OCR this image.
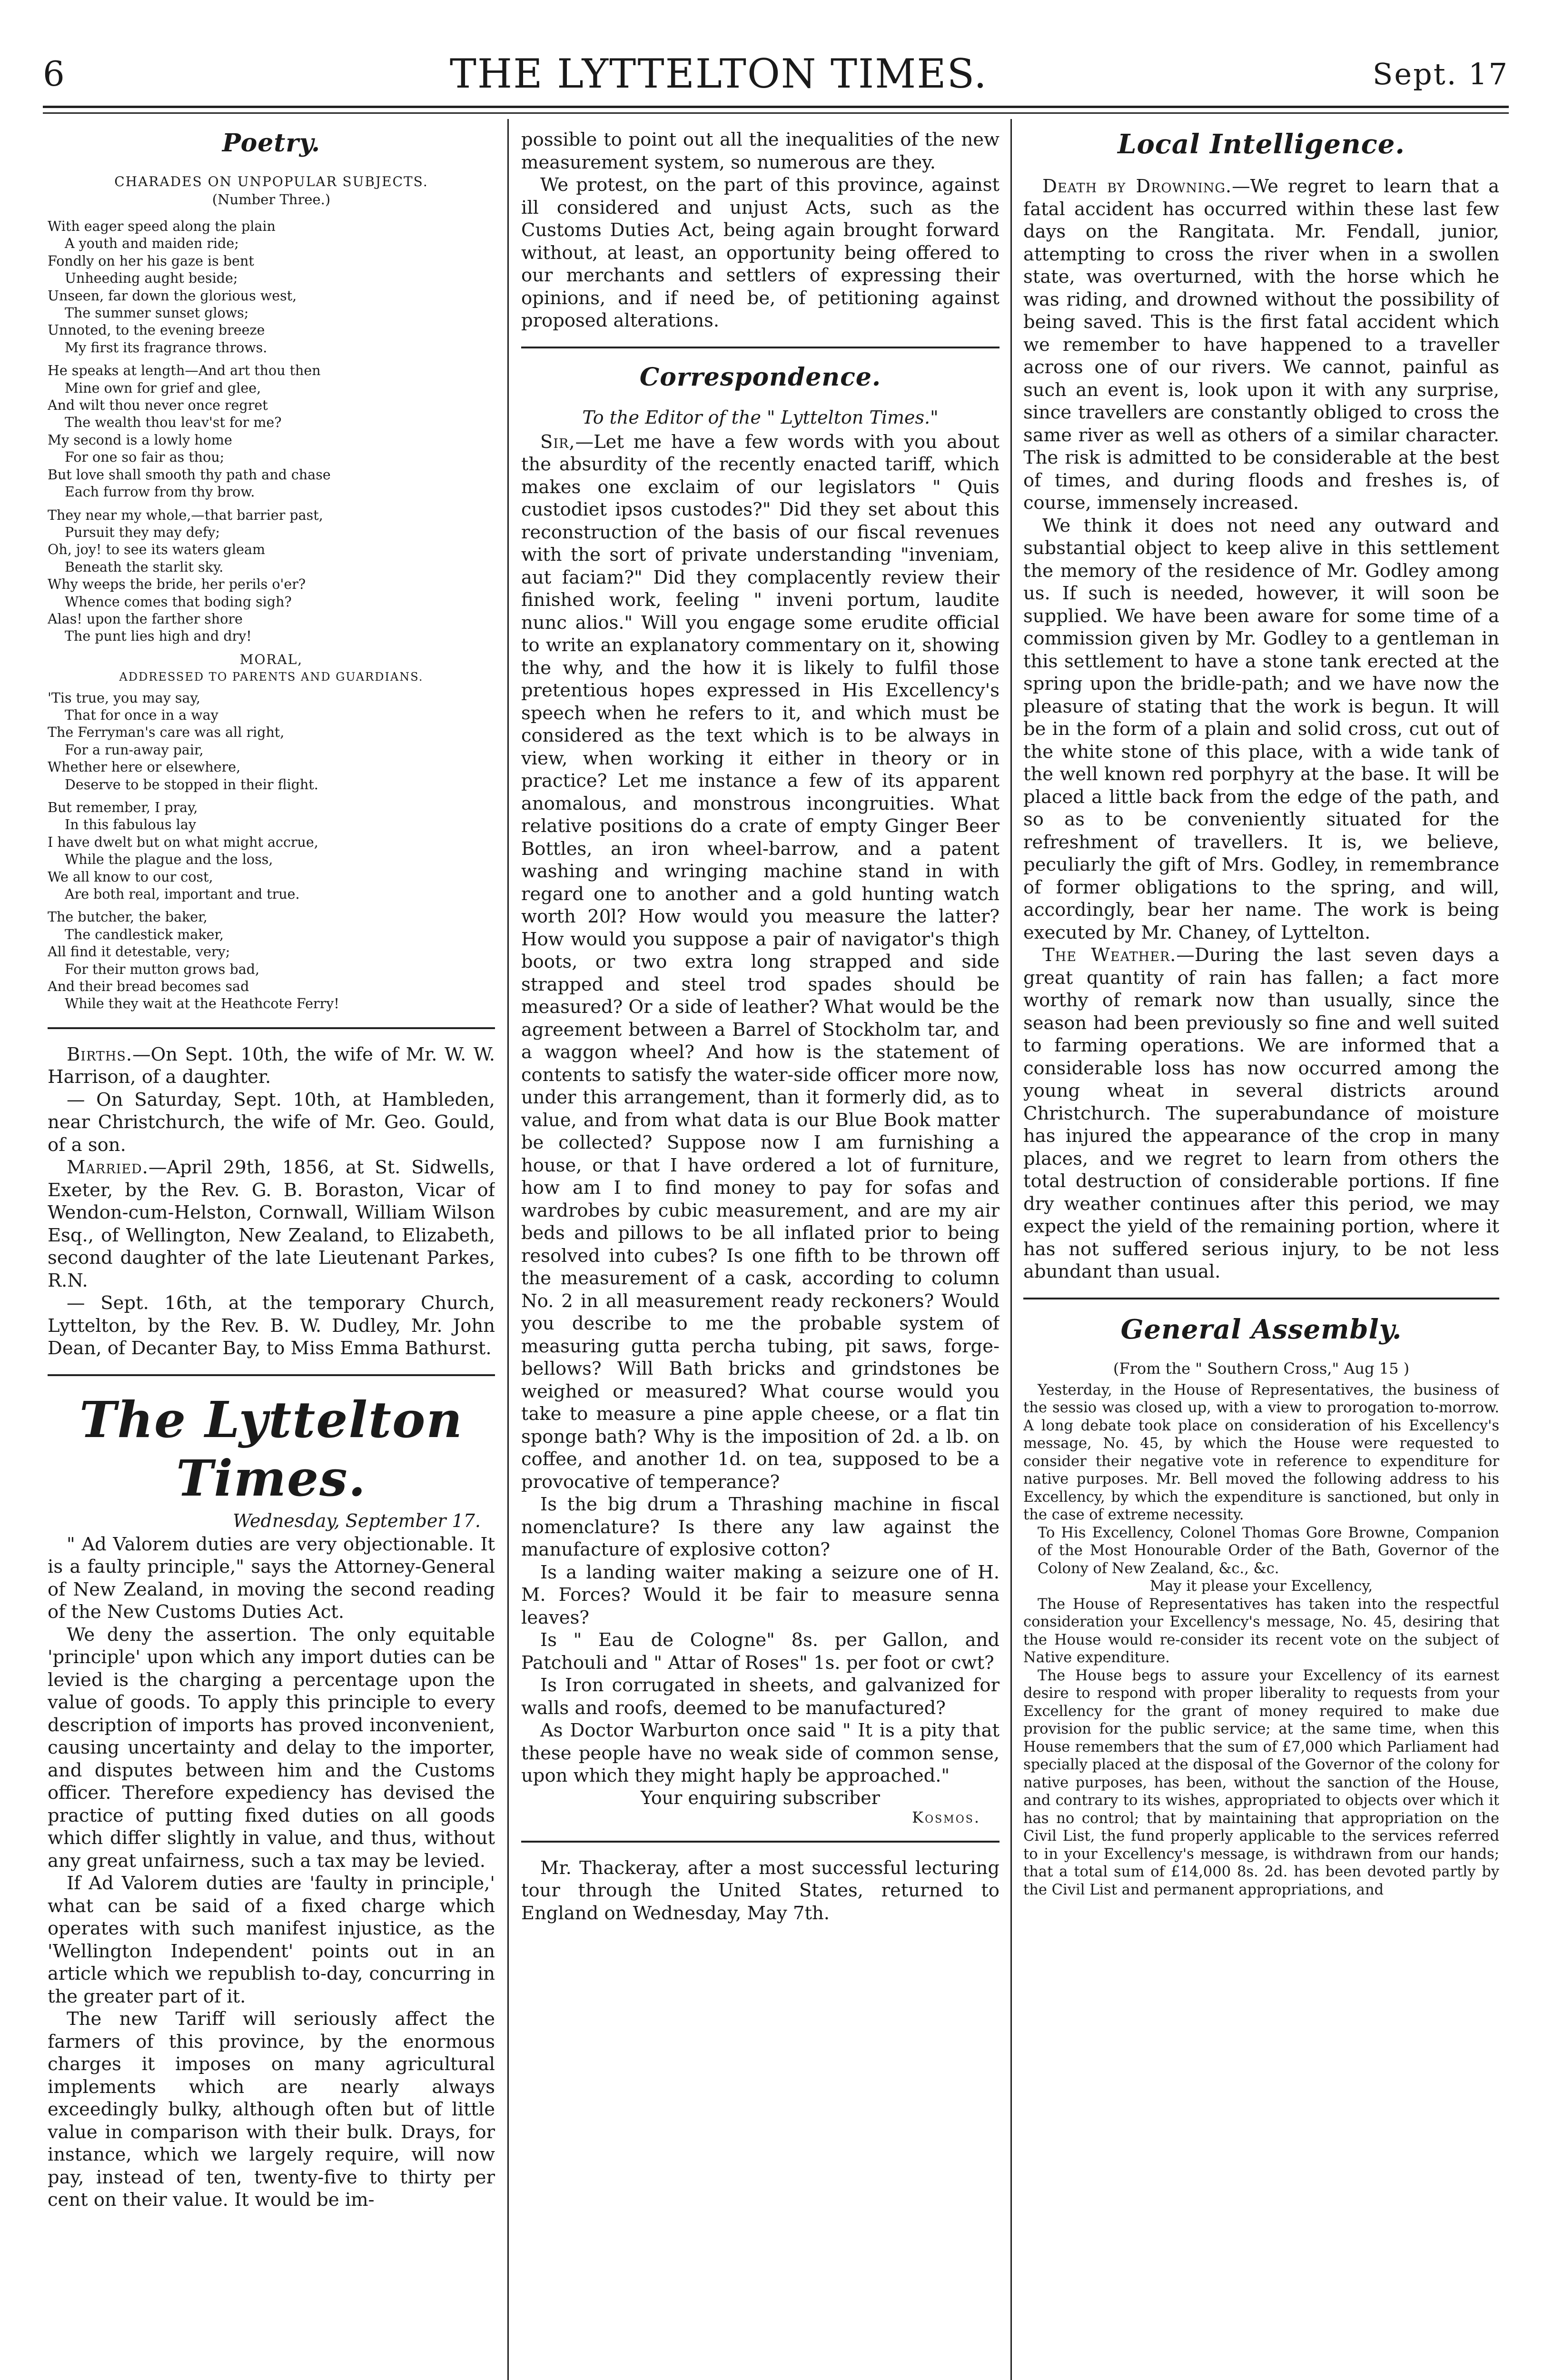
6	THE LYTTELTON TIMES.	Sept. 17
Poetry.
CHARADES ON UNPOPULAR SUBJECTS.
(Number Three.)
With eager speed along the plain
A youth and maiden ride;
Fondly on her his gaze is bent
Unheeding aught beside;
Unseen, far down the glorious west,
The summer sunset glows;
Unnoted, to the evening breeze
My first its fragrance throws.
He speaks at length—And art thou then
Mine own for grief and glee,
And wilt thou never once regret
The wealth thou leav'st for me?
My second is a lowly home
For one so fair as thou;
But love shall smooth thy path and chase
Each furrow from thy brow.
They near my whole,—that barrier past,
Pursuit they may defy;
Oh, joy! to see its waters gleam
Beneath the starlit sky.
Why weeps the bride, her perils o'er?
Whence comes that boding sigh?
Alas! upon the farther shore
The punt lies high and dry!
MORAL,
ADDRESSED TO PARENTS AND GUARDIANS.
'Tis true, you may say,
That for once in a way
The Ferryman's care was all right,
For a run-away pair,
Whether here or elsewhere,
Deserve to be stopped in their flight.
But remember, I pray,
In this fabulous lay
I have dwelt but on what might accrue,
While the plague and the loss,
We all know to our cost,
Are both real, important and true.
The butcher, the baker,
The candlestick maker,
All find it detestable, very;
For their mutton grows bad,
And their bread becomes sad
While they wait at the Heathcote Ferry!

Births.—On Sept. 10th, the wife of Mr. W. W. Harrison, of a daughter.

— On Saturday, Sept. 10th, at Hambleden, near Christchurch, the wife of Mr. Geo. Gould, of a son.

Married.—April 29th, 1856, at St. Sidwells, Exeter, by the Rev. G. B. Boraston, Vicar of Wendon-cum-Helston, Cornwall, William Wilson Esq., of Wellington, New Zealand, to Elizabeth, second daughter of the late Lieutenant Parkes, R.N.

— Sept. 16th, at the temporary Church, Lyttelton, by the Rev. B. W. Dudley, Mr. John Dean, of Decanter Bay, to Miss Emma Bathurst.

The Lyttelton Times.
Wednesday, September 17.

" Ad Valorem duties are very objectionable. It is a faulty principle," says the Attorney-General of New Zealand, in moving the second reading of the New Customs Duties Act.

We deny the assertion. The only equitable 'principle' upon which any import duties can be levied is the charging a percentage upon the value of goods. To apply this principle to every description of imports has proved inconvenient, causing uncertainty and delay to the importer, and disputes between him and the Customs officer. Therefore expediency has devised the practice of putting fixed duties on all goods which differ slightly in value, and thus, without any great unfairness, such a tax may be levied.

If Ad Valorem duties are 'faulty in principle,' what can be said of a fixed charge which operates with such manifest injustice, as the 'Wellington Independent' points out in an article which we republish to-day, concurring in the greater part of it.

The new Tariff will seriously affect the farmers of this province, by the enormous charges it imposes on many agricultural implements which are nearly always exceedingly bulky, although often but of little value in comparison with their bulk. Drays, for instance, which we largely require, will now pay, instead of ten, twenty-five to thirty per cent on their value. It would be im-

possible to point out all the inequalities of the new measurement system, so numerous are they.

We protest, on the part of this province, against ill considered and unjust Acts, such as the Customs Duties Act, being again brought forward without, at least, an opportunity being offered to our merchants and settlers of expressing their opinions, and if need be, of petitioning against proposed alterations.

Correspondence.
To the Editor of the " Lyttelton Times."

Sir,—Let me have a few words with you about the absurdity of the recently enacted tariff, which makes one exclaim of our legislators " Quis custodiet ipsos custodes?" Did they set about this reconstruction of the basis of our fiscal revenues with the sort of private understanding "inveniam, aut faciam?" Did they complacently review their finished work, feeling " inveni portum, laudite nunc alios." Will you engage some erudite official to write an explanatory commentary on it, showing the why, and the how it is likely to fulfil those pretentious hopes expressed in His Excellency's speech when he refers to it, and which must be considered as the text which is to be always in view, when working it either in theory or in practice? Let me instance a few of its apparent anomalous, and monstrous incongruities. What relative positions do a crate of empty Ginger Beer Bottles, an iron wheel-barrow, and a patent washing and wringing machine stand in with regard one to another and a gold hunting watch worth 20l? How would you measure the latter? How would you suppose a pair of navigator's thigh boots, or two extra long strapped and side strapped and steel trod spades should be measured? Or a side of leather? What would be the agreement between a Barrel of Stockholm tar, and a waggon wheel? And how is the statement of contents to satisfy the water-side officer more now, under this arrangement, than it formerly did, as to value, and from what data is our Blue Book matter be collected? Suppose now I am furnishing a house, or that I have ordered a lot of furniture, how am I to find money to pay for sofas and wardrobes by cubic measurement, and are my air beds and pillows to be all inflated prior to being resolved into cubes? Is one fifth to be thrown off the measurement of a cask, according to column No. 2 in all measurement ready reckoners? Would you describe to me the probable system of measuring gutta percha tubing, pit saws, forge-bellows? Will Bath bricks and grindstones be weighed or measured? What course would you take to measure a pine apple cheese, or a flat tin sponge bath? Why is the imposition of 2d. a lb. on coffee, and another 1d. on tea, supposed to be a provocative of temperance?

Is the big drum a Thrashing machine in fiscal nomenclature? Is there any law against the manufacture of explosive cotton?

Is a landing waiter making a seizure one of H. M. Forces? Would it be fair to measure senna leaves?

Is " Eau de Cologne" 8s. per Gallon, and Patchouli and " Attar of Roses" 1s. per foot or cwt?

Is Iron corrugated in sheets, and galvanized for walls and roofs, deemed to be manufactured?

As Doctor Warburton once said " It is a pity that these people have no weak side of common sense, upon which they might haply be approached."

Your enquiring subscriber
Kosmos.

Mr. Thackeray, after a most successful lecturing tour through the United States, returned to England on Wednesday, May 7th.

Local Intelligence.

Death by Drowning.—We regret to learn that a fatal accident has occurred within these last few days on the Rangitata. Mr. Fendall, junior, attempting to cross the river when in a swollen state, was overturned, with the horse which he was riding, and drowned without the possibility of being saved. This is the first fatal accident which we remember to have happened to a traveller across one of our rivers. We cannot, painful as such an event is, look upon it with any surprise, since travellers are constantly obliged to cross the same river as well as others of a similar character. The risk is admitted to be considerable at the best of times, and during floods and freshes is, of course, immensely increased.

We think it does not need any outward and substantial object to keep alive in this settlement the memory of the residence of Mr. Godley among us. If such is needed, however, it will soon be supplied. We have been aware for some time of a commission given by Mr. Godley to a gentleman in this settlement to have a stone tank erected at the spring upon the bridle-path; and we have now the pleasure of stating that the work is begun. It will be in the form of a plain and solid cross, cut out of the white stone of this place, with a wide tank of the well known red porphyry at the base. It will be placed a little back from the edge of the path, and so as to be conveniently situated for the refreshment of travellers. It is, we believe, peculiarly the gift of Mrs. Godley, in remembrance of former obligations to the spring, and will, accordingly, bear her name. The work is being executed by Mr. Chaney, of Lyttelton.

The Weather.—During the last seven days a great quantity of rain has fallen; a fact more worthy of remark now than usually, since the season had been previously so fine and well suited to farming operations. We are informed that a considerable loss has now occurred among the young wheat in several districts around Christchurch. The superabundance of moisture has injured the appearance of the crop in many places, and we regret to learn from others the total destruction of considerable portions. If fine dry weather continues after this period, we may expect the yield of the remaining portion, where it has not suffered serious injury, to be not less abundant than usual.

General Assembly.
(From the " Southern Cross," Aug 15 )

Yesterday, in the House of Representatives, the business of the sessio was closed up, with a view to prorogation to-morrow. A long debate took place on consideration of his Excellency's message, No. 45, by which the House were requested to consider their negative vote in reference to expenditure for native purposes. Mr. Bell moved the following address to his Excellency, by which the expenditure is sanctioned, but only in the case of extreme necessity.

To His Excellency, Colonel Thomas Gore Browne, Companion of the Most Honourable Order of the Bath, Governor of the Colony of New Zealand, &c., &c.

May it please your Excellency,

The House of Representatives has taken into the respectful consideration your Excellency's message, No. 45, desiring that the House would re-consider its recent vote on the subject of Native expenditure.

The House begs to assure your Excellency of its earnest desire to respond with proper liberality to requests from your Excellency for the grant of money required to make due provision for the public service; at the same time, when this House remembers that the sum of £7,000 which Parliament had specially placed at the disposal of the Governor of the colony for native purposes, has been, without the sanction of the House, and contrary to its wishes, appropriated to objects over which it has no control; that by maintaining that appropriation on the Civil List, the fund properly applicable to the services referred to in your Excellency's message, is withdrawn from our hands; that a total sum of £14,000 8s. 2d. has been devoted partly by the Civil List and permanent appropriations, and
